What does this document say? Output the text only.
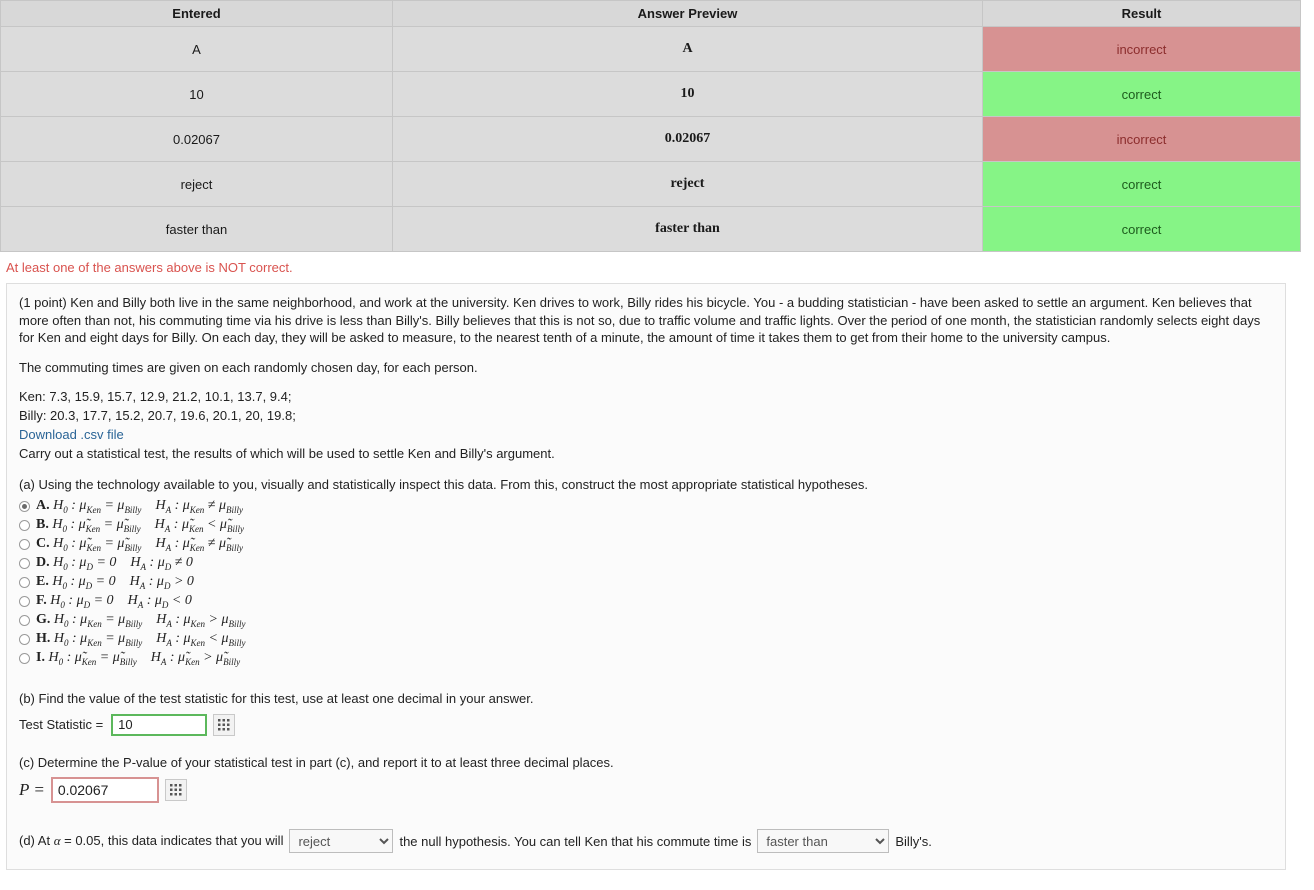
Entered	Answer Preview	Result
A	A	incorrect
10	10	correct
0.02067	0.02067	incorrect
reject	reject	correct
faster than	faster than	correct
At least one of the answers above is NOT correct.

(1 point) Ken and Billy both live in the same neighborhood, and work at the university. Ken drives to work, Billy rides his bicycle. You - a budding statistician - have been asked to settle an argument. Ken believes that more often than not, his commuting time via his drive is less than Billy's. Billy believes that this is not so, due to traffic volume and traffic lights. Over the period of one month, the statistician randomly selects eight days for Ken and eight days for Billy. On each day, they will be asked to measure, to the nearest tenth of a minute, the amount of time it takes them to get from their home to the university campus.

The commuting times are given on each randomly chosen day, for each person.

Ken: 7.3, 15.9, 15.7, 12.9, 21.2, 10.1, 13.7, 9.4;
Billy: 20.3, 17.7, 15.2, 20.7, 19.6, 20.1, 20, 19.8;
Download .csv file
Carry out a statistical test, the results of which will be used to settle Ken and Billy's argument.

(a) Using the technology available to you, visually and statistically inspect this data. From this, construct the most appropriate statistical hypotheses.

A. $H_0$ : $\mu_{Ken} = \mu_{Billy}$ $H_A$ : $\mu_{Ken} \ne \mu_{Billy}$
B. $H_0$ : $\mũ_{Ken}$ = $\mũ_{Billy}$ $H_A$ : $\mũ_{Ken}$ < $\mũ_{Billy}$
C. $H_0$ : $\mũ_{Ken}$ = $\mũ_{Billy}$ $H_A$ : $\mũ_{Ken}$ ≠ $\mũ_{Billy}$
D. $H_0$ : $\mu_D = 0$ $H_A$ : $\mu_D \ne 0$
E. $H_0$ : $\mu_D = 0$ $H_A$ : $\mu_D > 0$
F. $H_0$ : $\mu_D = 0$ $H_A$ : $\mu_D < 0$
G. $H_0$ : $\mu_{Ken} = \mu_{Billy}$ $H_A$ : $\mu_{Ken} > \mu_{Billy}$
H. $H_0$ : $\mu_{Ken} = \mu_{Billy}$ $H_A$ : $\mu_{Ken} < \mu_{Billy}$
I. $H_0$ : $\mũ_{Ken}$ = $\mũ_{Billy}$ $H_A$ : $\mũ_{Ken}$ > $\mũ_{Billy}$

(b) Find the value of the test statistic for this test, use at least one decimal in your answer.

Test Statistic =
10

(c) Determine the P-value of your statistical test in part (c), and report it to at least three decimal places.

P =
0.02067
(d) At α = 0.05, this data indicates that you will
reject	the null hypothesis. You can tell Ken that his commute time is
faster than	Billy's.
